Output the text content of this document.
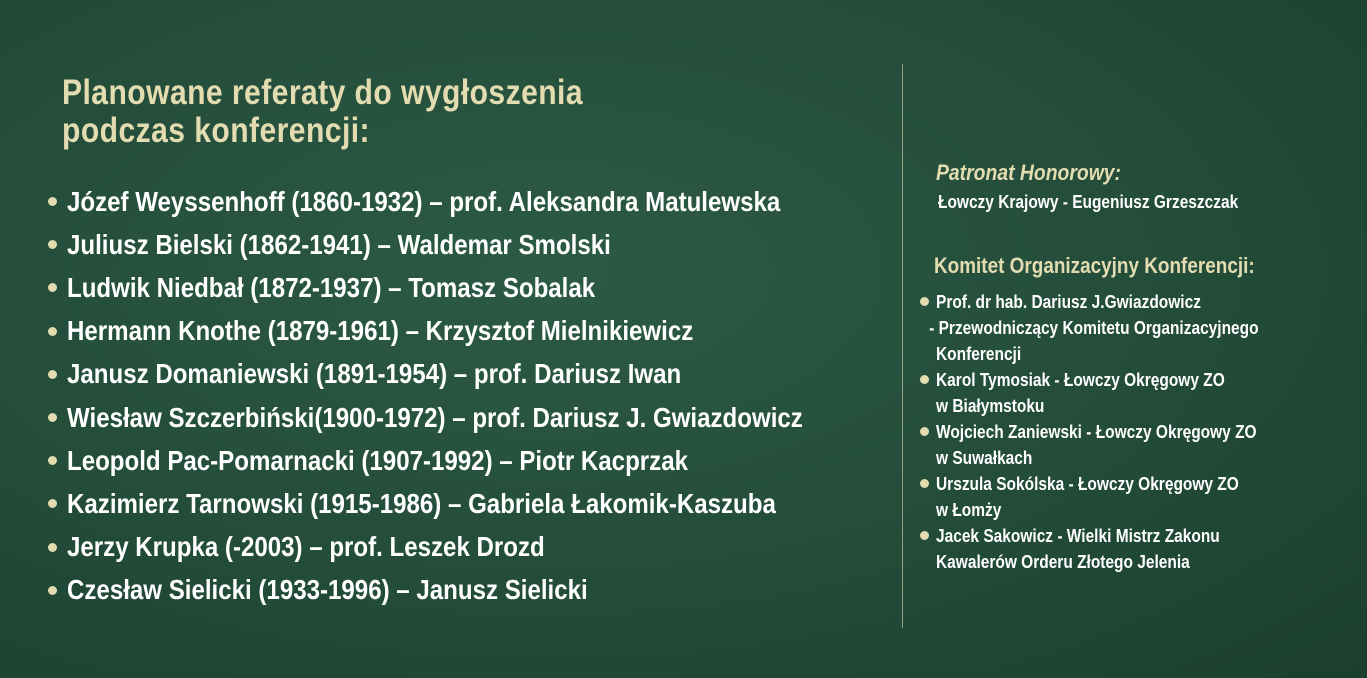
Planowane referaty do wygłoszenia
podczas konferencji:
Józef Weyssenhoff (1860-1932) – prof. Aleksandra Matulewska
Juliusz Bielski (1862-1941) – Waldemar Smolski
Ludwik Niedbał (1872-1937) – Tomasz Sobalak
Hermann Knothe (1879-1961) – Krzysztof Mielnikiewicz
Janusz Domaniewski (1891-1954) – prof. Dariusz Iwan
Wiesław Szczerbiński(1900-1972) – prof. Dariusz J. Gwiazdowicz
Leopold Pac-Pomarnacki (1907-1992) – Piotr Kacprzak
Kazimierz Tarnowski (1915-1986) – Gabriela Łakomik-Kaszuba
Jerzy Krupka (-2003) – prof. Leszek Drozd
Czesław Sielicki (1933-1996) – Janusz Sielicki
Patronat Honorowy:
Łowczy Krajowy - Eugeniusz Grzeszczak
Komitet Organizacyjny Konferencji:
Prof. dr hab. Dariusz J.Gwiazdowicz
- Przewodniczący Komitetu Organizacyjnego
Konferencji
Karol Tymosiak - Łowczy Okręgowy ZO
w Białymstoku
Wojciech Zaniewski - Łowczy Okręgowy ZO
w Suwałkach
Urszula Sokólska - Łowczy Okręgowy ZO
w Łomży
Jacek Sakowicz - Wielki Mistrz Zakonu
Kawalerów Orderu Złotego Jelenia
